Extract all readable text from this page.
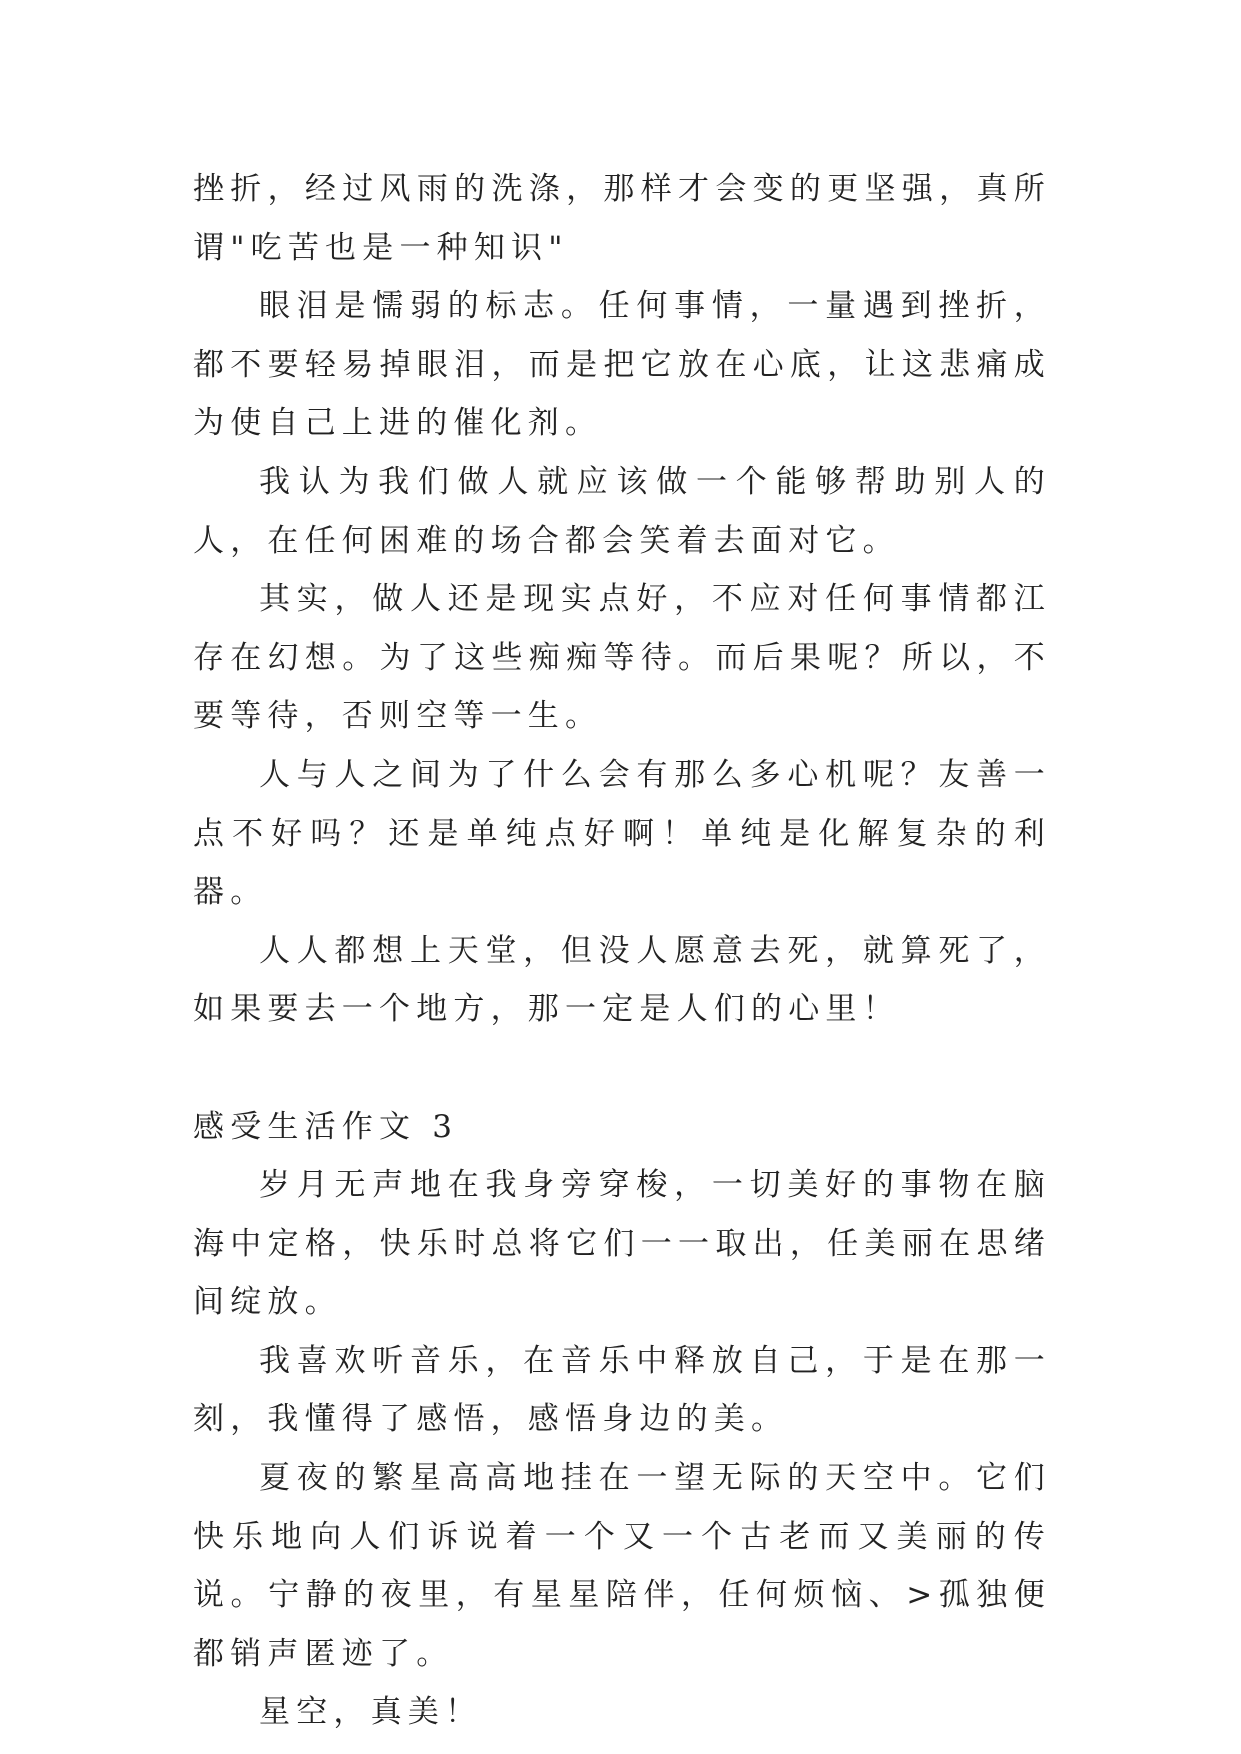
挫折，经过风雨的洗涤，那样才会变的更坚强，真所谓"吃苦也是一种知识"

眼泪是懦弱的标志。任何事情，一量遇到挫折，都不要轻易掉眼泪，而是把它放在心底，让这悲痛成为使自己上进的催化剂。

我认为我们做人就应该做一个能够帮助别人的人，在任何困难的场合都会笑着去面对它。

其实，做人还是现实点好，不应对任何事情都江存在幻想。为了这些痴痴等待。而后果呢？所以，不要等待，否则空等一生。

人与人之间为了什么会有那么多心机呢？友善一点不好吗？还是单纯点好啊！单纯是化解复杂的利器。

人人都想上天堂，但没人愿意去死，就算死了，如果要去一个地方，那一定是人们的心里！

感受生活作文 3

岁月无声地在我身旁穿梭，一切美好的事物在脑海中定格，快乐时总将它们一一取出，任美丽在思绪间绽放。

我喜欢听音乐，在音乐中释放自己，于是在那一刻，我懂得了感悟，感悟身边的美。

夏夜的繁星高高地挂在一望无际的天空中。它们快乐地向人们诉说着一个又一个古老而又美丽的传说。宁静的夜里，有星星陪伴，任何烦恼、>孤独便都销声匿迹了。

星空，真美！
